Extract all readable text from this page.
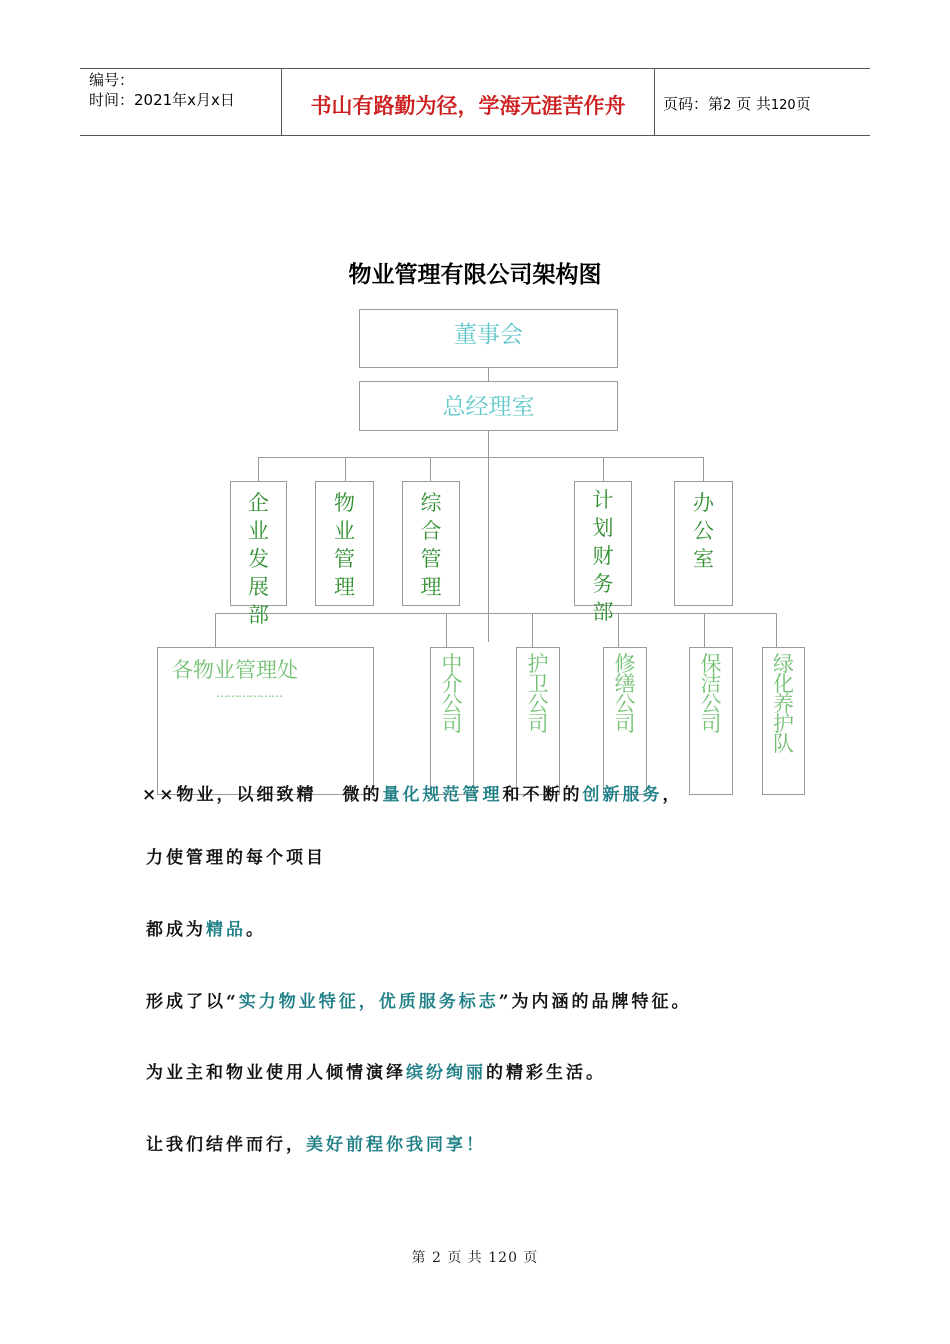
编号：
时间：2021年x月x日	书山有路勤为径，学海无涯苦作舟	页码：第2 页 共120页
物业管理有限公司架构图
董事会
总经理室
企
业
发
展
部
物
业
管
理
综
合
管
理
计
划
财
务
部
办
公
室
各物业管理处
………………
中
介
公
司
护
卫
公
司
修
缮
公
司
保
洁
公
司
绿
化
养
护
队
××物业，以细致精 微的量化规范管理和不断的创新服务，
力使管理的每个项目
都成为精品。
形成了以“实力物业特征，优质服务标志”为内涵的品牌特征。
为业主和物业使用人倾情演绎缤纷绚丽的精彩生活。
让我们结伴而行，美好前程你我同享！
第 2 页 共 120 页
